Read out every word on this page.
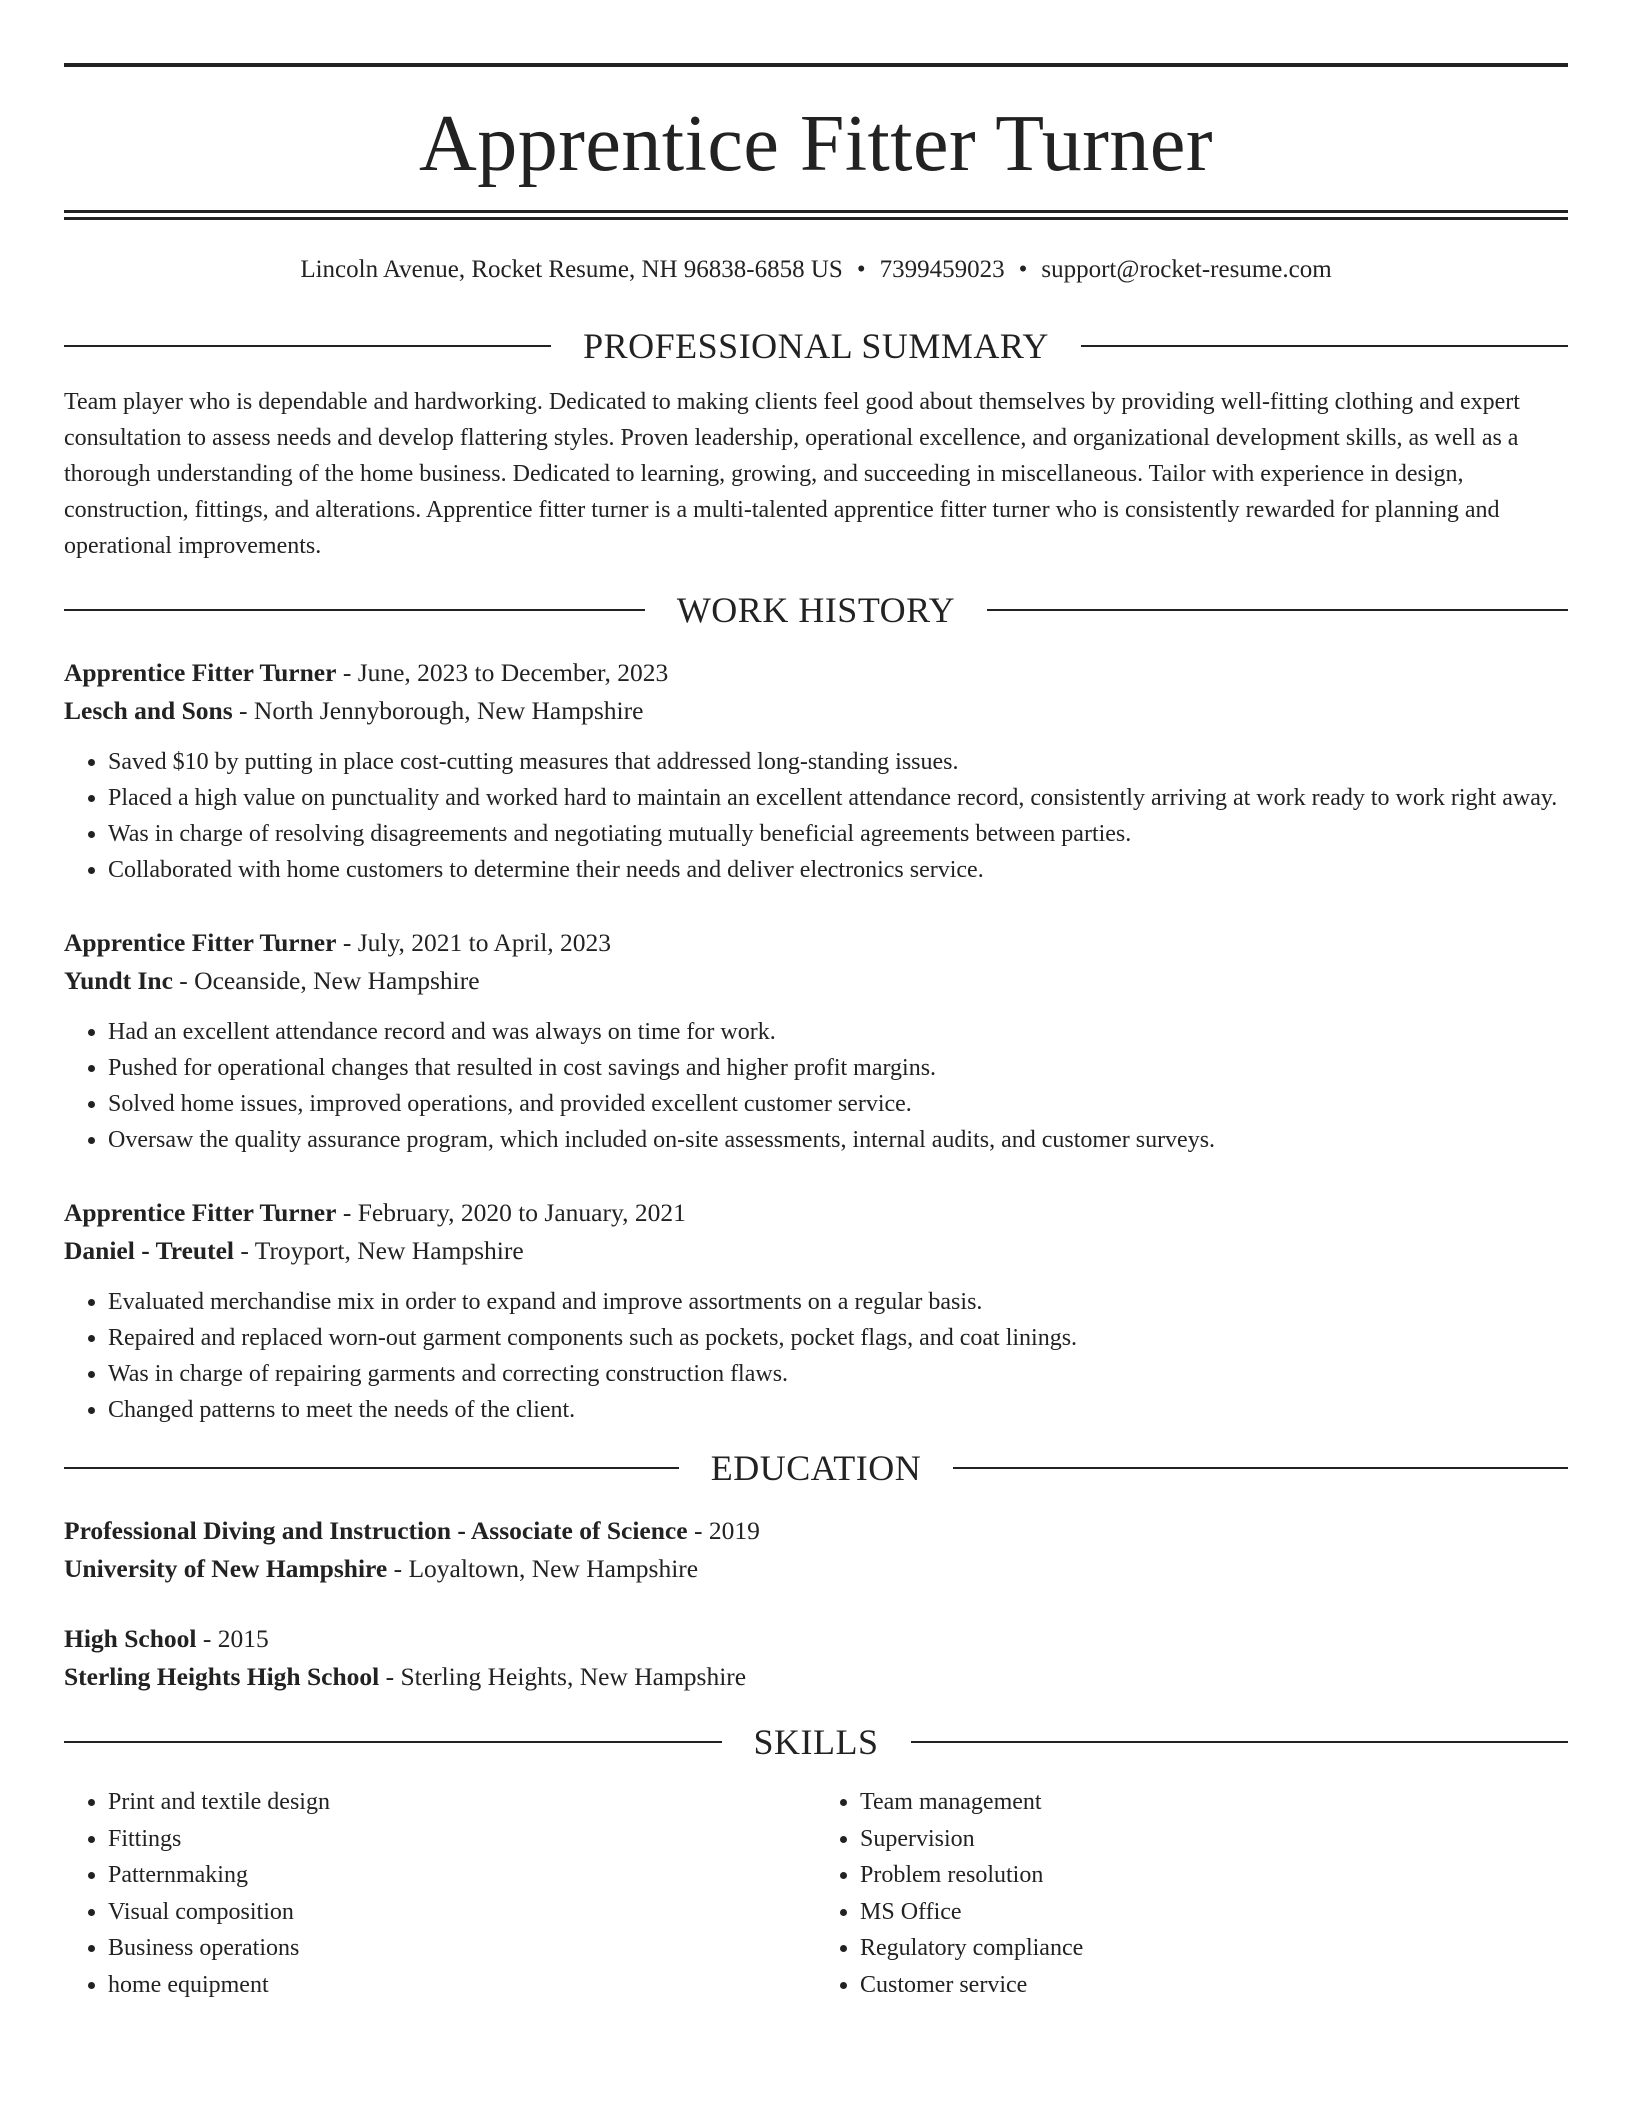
Apprentice Fitter Turner
Lincoln Avenue, Rocket Resume, NH 96838-6858 US • 7399459023 • support@rocket-resume.com
PROFESSIONAL SUMMARY

Team player who is dependable and hardworking. Dedicated to making clients feel good about themselves by providing well-fitting clothing and expert consultation to assess needs and develop flattering styles. Proven leadership, operational excellence, and organizational development skills, as well as a thorough understanding of the home business. Dedicated to learning, growing, and succeeding in miscellaneous. Tailor with experience in design, construction, fittings, and alterations. Apprentice fitter turner is a multi-talented apprentice fitter turner who is consistently rewarded for planning and operational improvements.

WORK HISTORY
Apprentice Fitter Turner - June, 2023 to December, 2023
Lesch and Sons - North Jennyborough, New Hampshire
• Saved $10 by putting in place cost-cutting measures that addressed long-standing issues.
• Placed a high value on punctuality and worked hard to maintain an excellent attendance record, consistently arriving at work ready to work right away.
• Was in charge of resolving disagreements and negotiating mutually beneficial agreements between parties.
• Collaborated with home customers to determine their needs and deliver electronics service.
Apprentice Fitter Turner - July, 2021 to April, 2023
Yundt Inc - Oceanside, New Hampshire
• Had an excellent attendance record and was always on time for work.
• Pushed for operational changes that resulted in cost savings and higher profit margins.
• Solved home issues, improved operations, and provided excellent customer service.
• Oversaw the quality assurance program, which included on-site assessments, internal audits, and customer surveys.
Apprentice Fitter Turner - February, 2020 to January, 2021
Daniel - Treutel - Troyport, New Hampshire
• Evaluated merchandise mix in order to expand and improve assortments on a regular basis.
• Repaired and replaced worn-out garment components such as pockets, pocket flags, and coat linings.
• Was in charge of repairing garments and correcting construction flaws.
• Changed patterns to meet the needs of the client.
EDUCATION
Professional Diving and Instruction - Associate of Science - 2019
University of New Hampshire - Loyaltown, New Hampshire
High School - 2015
Sterling Heights High School - Sterling Heights, New Hampshire
SKILLS
• Print and textile design
• Fittings
• Patternmaking
• Visual composition
• Business operations
• home equipment
• Team management
• Supervision
• Problem resolution
• MS Office
• Regulatory compliance
• Customer service
